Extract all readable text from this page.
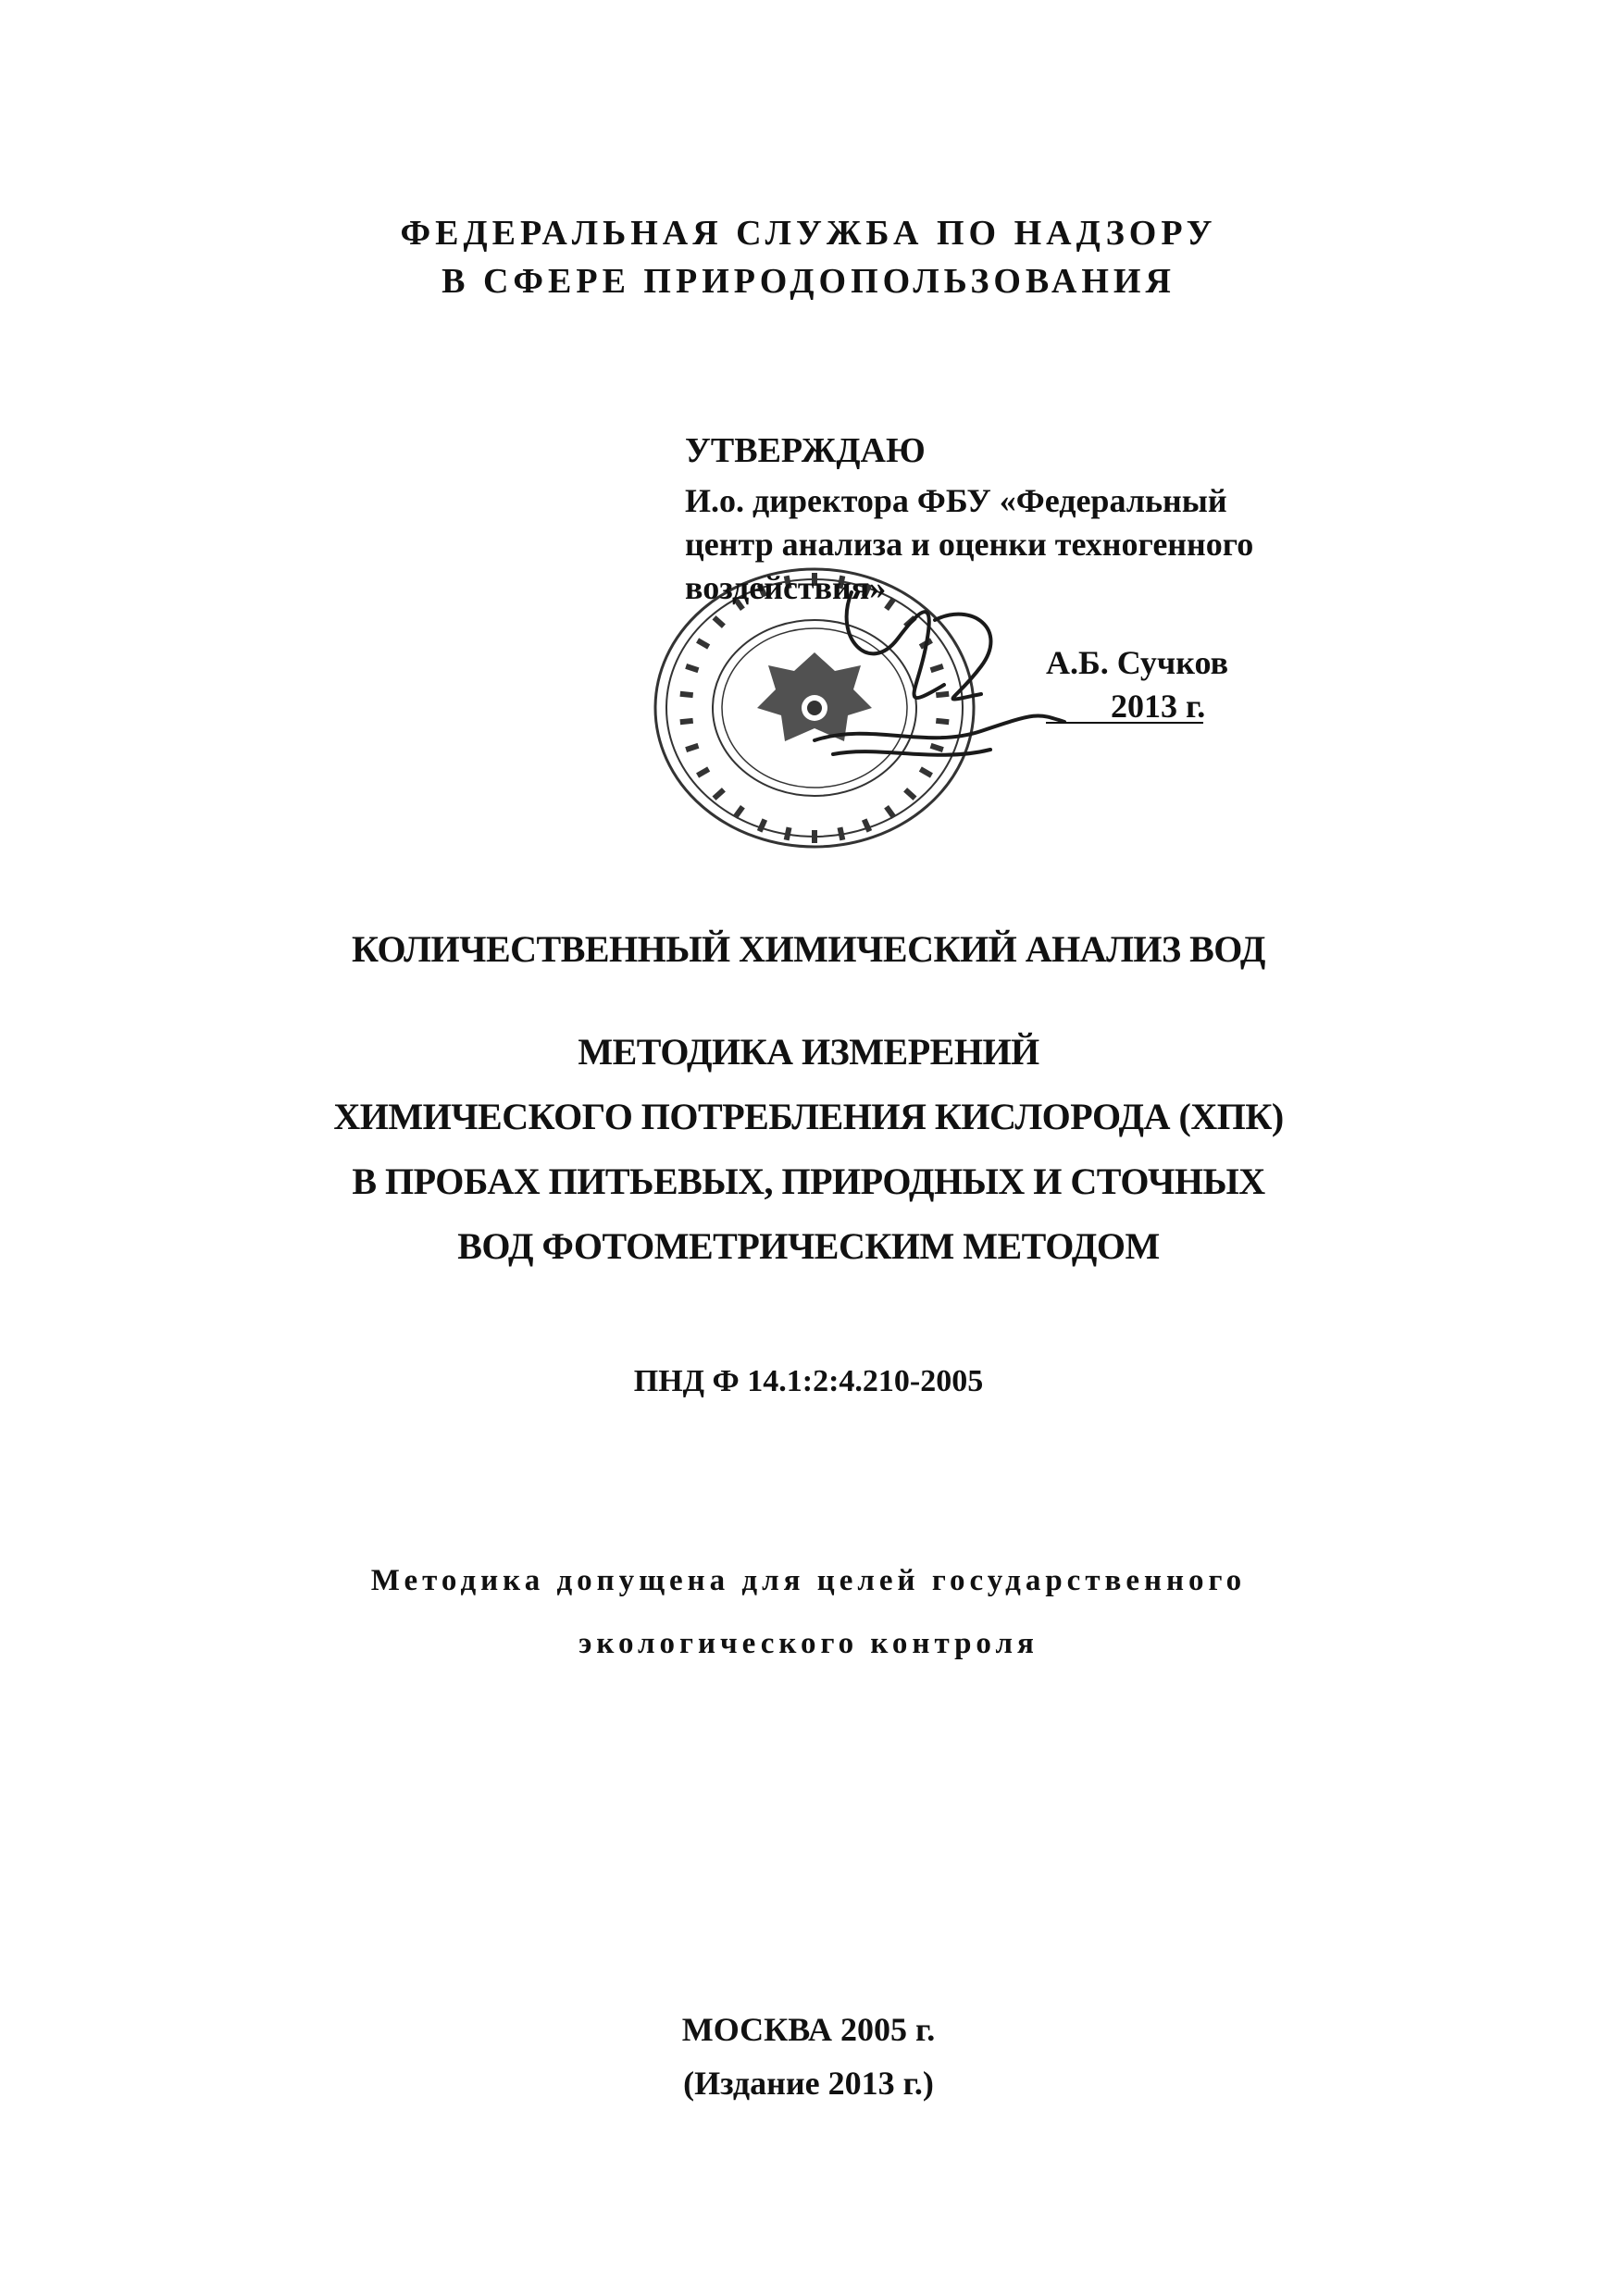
ФЕДЕРАЛЬНАЯ СЛУЖБА ПО НАДЗОРУ

В СФЕРЕ ПРИРОДОПОЛЬЗОВАНИЯ

УТВЕРЖДАЮ

И.о. директора ФБУ «Федеральный

центр анализа и оценки техногенного

воздействия»

А.Б. Сучков

2013 г.

КОЛИЧЕСТВЕННЫЙ ХИМИЧЕСКИЙ АНАЛИЗ ВОД

МЕТОДИКА ИЗМЕРЕНИЙ

ХИМИЧЕСКОГО ПОТРЕБЛЕНИЯ КИСЛОРОДА (ХПК)

В ПРОБАХ ПИТЬЕВЫХ, ПРИРОДНЫХ И СТОЧНЫХ

ВОД ФОТОМЕТРИЧЕСКИМ МЕТОДОМ

ПНД Ф 14.1:2:4.210-2005

Методика допущена для целей государственного

экологического контроля

МОСКВА 2005 г.

(Издание 2013 г.)
